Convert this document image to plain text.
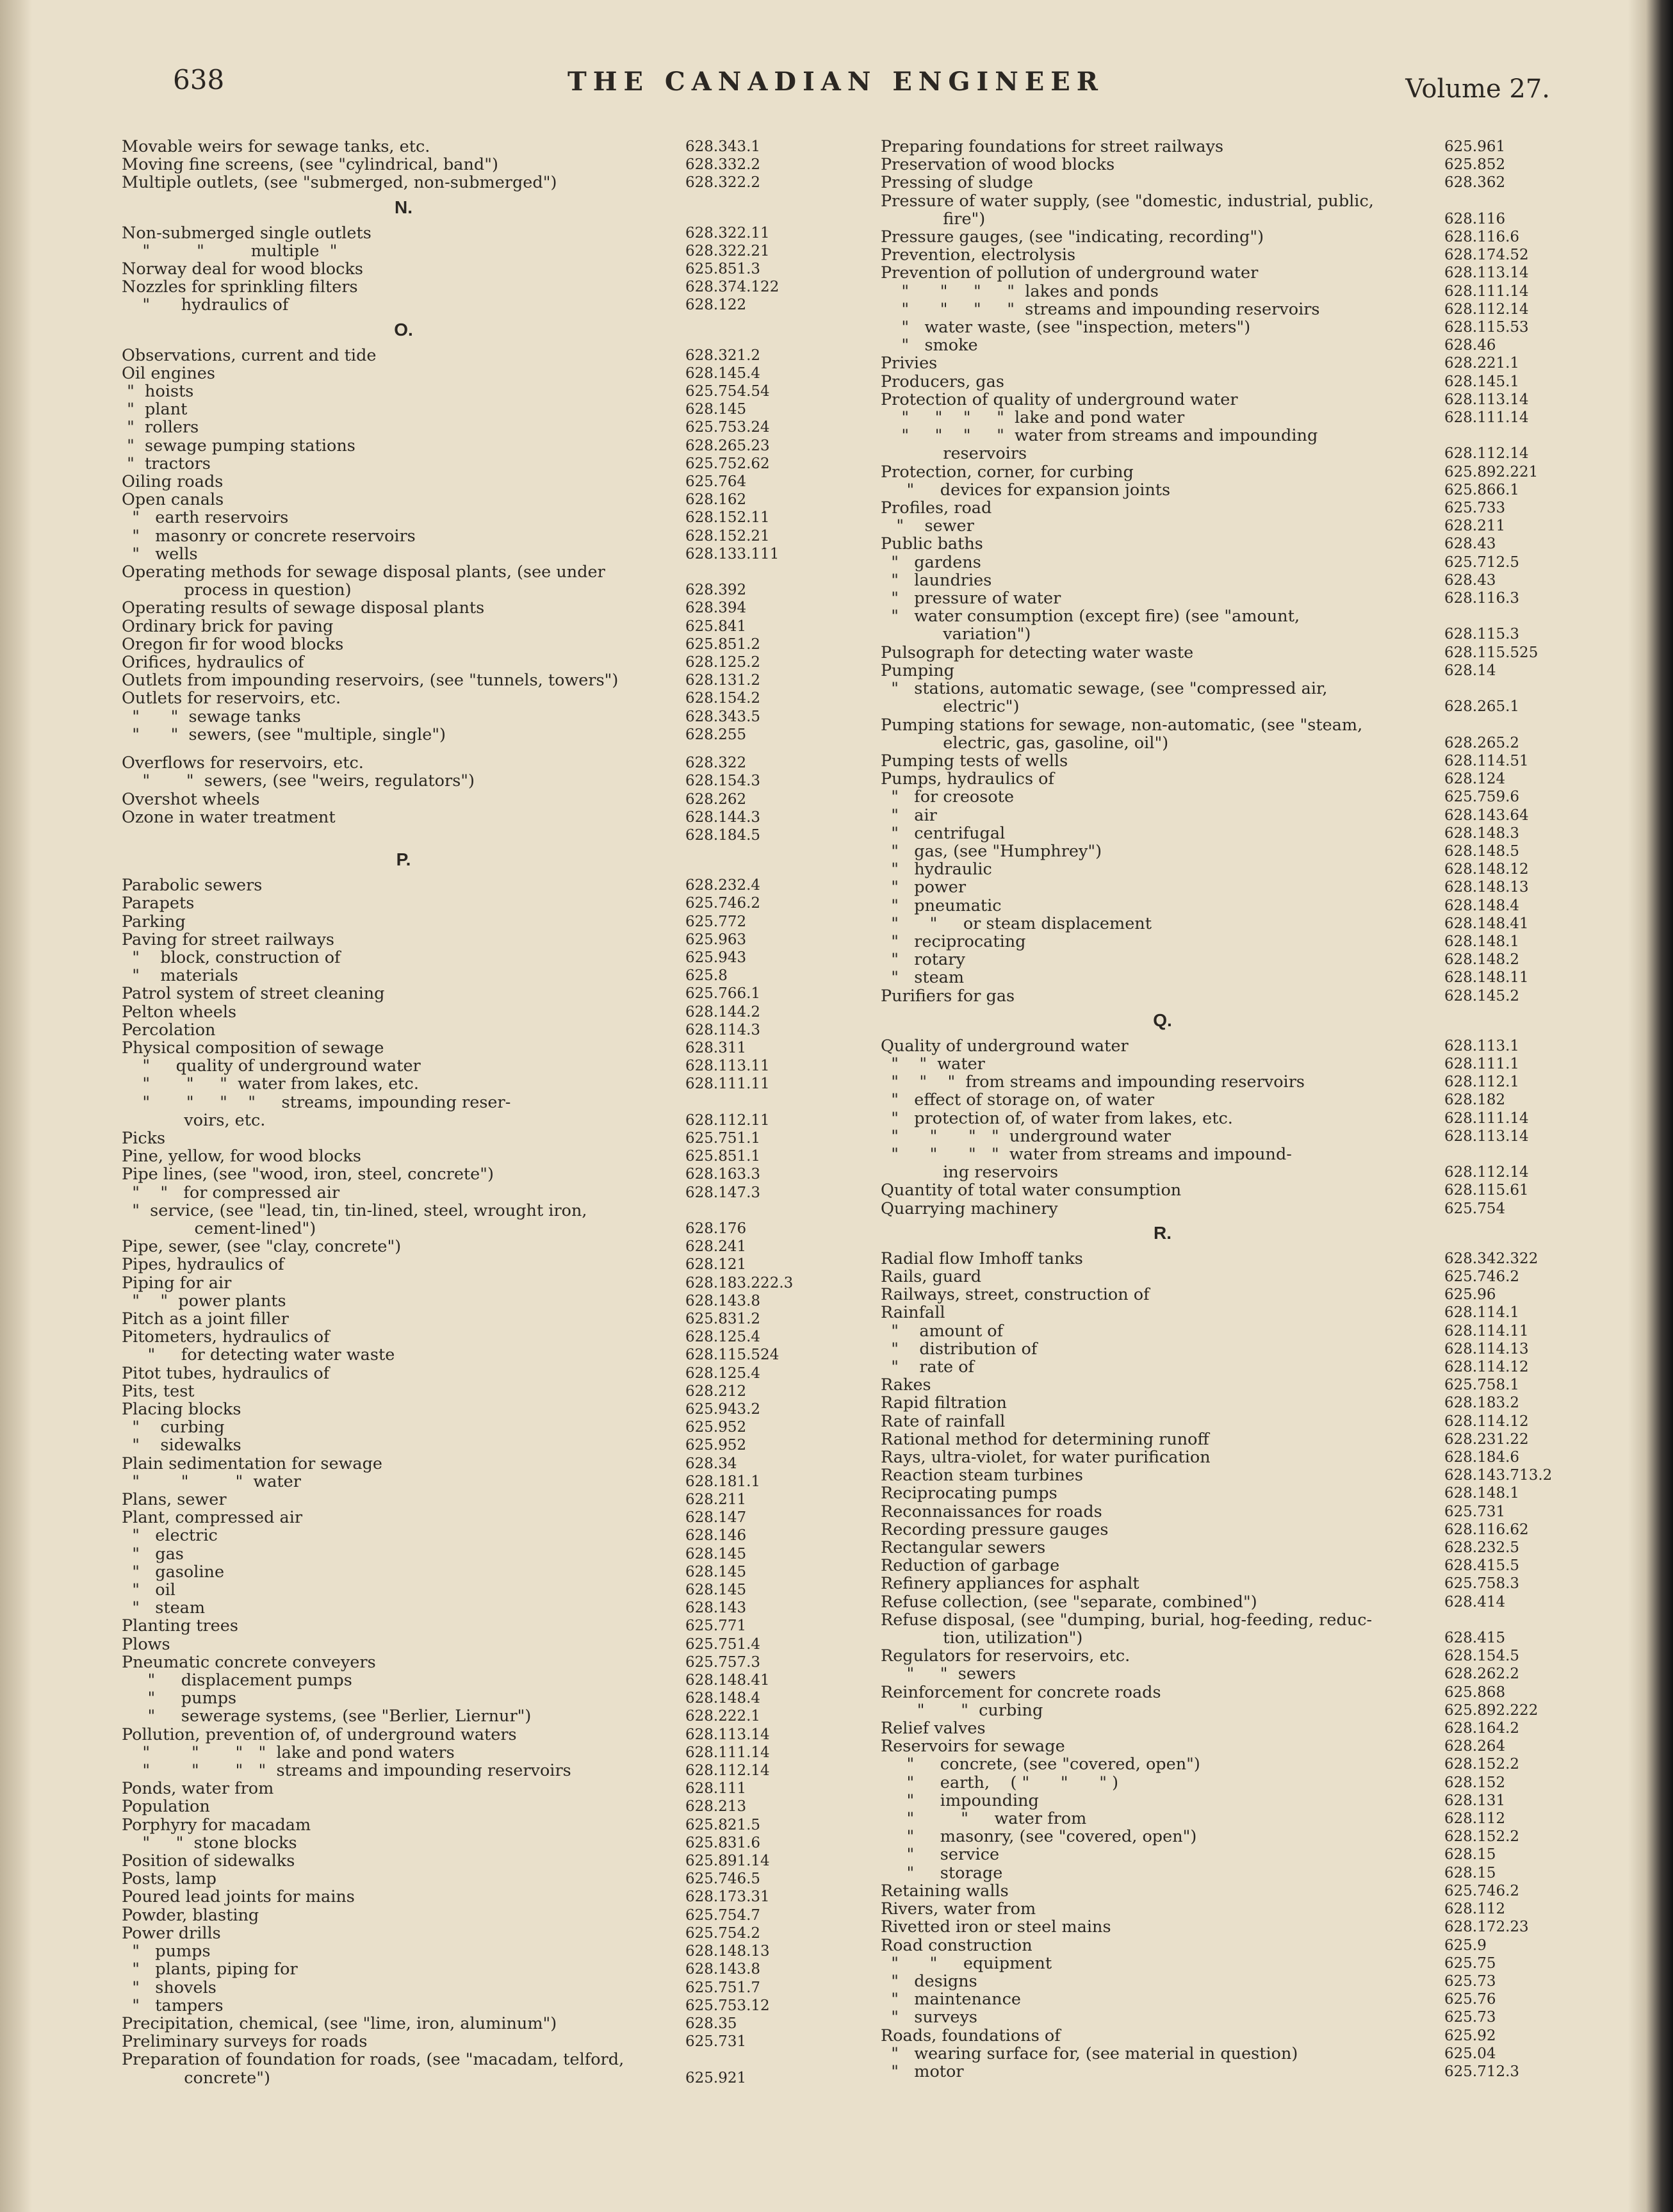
638	THE CANADIAN ENGINEER	Volume 27.
Movable weirs for sewage tanks, etc.	628.343.1
Moving fine screens, (see "cylindrical, band")	628.332.2
Multiple outlets, (see "submerged, non-submerged")	628.322.2
N.
Non-submerged single outlets	628.322.11
"         "         multiple  "	628.322.21
Norway deal for wood blocks	625.851.3
Nozzles for sprinkling filters	628.374.122
"      hydraulics of	628.122
O.
Observations, current and tide	628.321.2
Oil engines	628.145.4
"  hoists	625.754.54
"  plant	628.145
"  rollers	625.753.24
"  sewage pumping stations	628.265.23
"  tractors	625.752.62
Oiling roads	625.764
Open canals	628.162
"   earth reservoirs	628.152.11
"   masonry or concrete reservoirs	628.152.21
"   wells	628.133.111
Operating methods for sewage disposal plants, (see under
process in question)	628.392
Operating results of sewage disposal plants	628.394
Ordinary brick for paving	625.841
Oregon fir for wood blocks	625.851.2
Orifices, hydraulics of	628.125.2
Outlets from impounding reservoirs, (see "tunnels, towers")	628.131.2
Outlets for reservoirs, etc.	628.154.2
"      "  sewage tanks	628.343.5
"      "  sewers, (see "multiple, single")	628.255
Overflows for reservoirs, etc.	628.322
"       "  sewers, (see "weirs, regulators")	628.154.3
Overshot wheels	628.262
Ozone in water treatment	628.144.3
628.184.5
P.
Parabolic sewers	628.232.4
Parapets	625.746.2
Parking	625.772
Paving for street railways	625.963
"    block, construction of	625.943
"    materials	625.8
Patrol system of street cleaning	625.766.1
Pelton wheels	628.144.2
Percolation	628.114.3
Physical composition of sewage	628.311
"     quality of underground water	628.113.11
"       "     "  water from lakes, etc.	628.111.11
"       "     "    "     streams, impounding reser-
voirs, etc.	628.112.11
Picks	625.751.1
Pine, yellow, for wood blocks	625.851.1
Pipe lines, (see "wood, iron, steel, concrete")	628.163.3
"    "   for compressed air	628.147.3
"  service, (see "lead, tin, tin-lined, steel, wrought iron,
cement-lined")	628.176
Pipe, sewer, (see "clay, concrete")	628.241
Pipes, hydraulics of	628.121
Piping for air	628.183.222.3
"    "  power plants	628.143.8
Pitch as a joint filler	625.831.2
Pitometers, hydraulics of	628.125.4
"     for detecting water waste	628.115.524
Pitot tubes, hydraulics of	628.125.4
Pits, test	628.212
Placing blocks	625.943.2
"    curbing	625.952
"    sidewalks	625.952
Plain sedimentation for sewage	628.34
"        "         "  water	628.181.1
Plans, sewer	628.211
Plant, compressed air	628.147
"   electric	628.146
"   gas	628.145
"   gasoline	628.145
"   oil	628.145
"   steam	628.143
Planting trees	625.771
Plows	625.751.4
Pneumatic concrete conveyers	625.757.3
"     displacement pumps	628.148.41
"     pumps	628.148.4
"     sewerage systems, (see "Berlier, Liernur")	628.222.1
Pollution, prevention of, of underground waters	628.113.14
"        "       "   "  lake and pond waters	628.111.14
"        "       "   "  streams and impounding reservoirs	628.112.14
Ponds, water from	628.111
Population	628.213
Porphyry for macadam	625.821.5
"     "  stone blocks	625.831.6
Position of sidewalks	625.891.14
Posts, lamp	625.746.5
Poured lead joints for mains	628.173.31
Powder, blasting	625.754.7
Power drills	625.754.2
"   pumps	628.148.13
"   plants, piping for	628.143.8
"   shovels	625.751.7
"   tampers	625.753.12
Precipitation, chemical, (see "lime, iron, aluminum")	628.35
Preliminary surveys for roads	625.731
Preparation of foundation for roads, (see "macadam, telford,
concrete")	625.921
Preparing foundations for street railways	625.961
Preservation of wood blocks	625.852
Pressing of sludge	628.362
Pressure of water supply, (see "domestic, industrial, public,
fire")	628.116
Pressure gauges, (see "indicating, recording")	628.116.6
Prevention, electrolysis	628.174.52
Prevention of pollution of underground water	628.113.14
"      "     "     "  lakes and ponds	628.111.14
"      "     "     "  streams and impounding reservoirs	628.112.14
"   water waste, (see "inspection, meters")	628.115.53
"   smoke	628.46
Privies	628.221.1
Producers, gas	628.145.1
Protection of quality of underground water	628.113.14
"     "    "     "  lake and pond water	628.111.14
"     "    "     "  water from streams and impounding
reservoirs	628.112.14
Protection, corner, for curbing	625.892.221
"     devices for expansion joints	625.866.1
Profiles, road	625.733
"    sewer	628.211
Public baths	628.43
"   gardens	625.712.5
"   laundries	628.43
"   pressure of water	628.116.3
"   water consumption (except fire) (see "amount,
variation")	628.115.3
Pulsograph for detecting water waste	628.115.525
Pumping	628.14
"   stations, automatic sewage, (see "compressed air,
electric")	628.265.1
Pumping stations for sewage, non-automatic, (see "steam,
electric, gas, gasoline, oil")	628.265.2
Pumping tests of wells	628.114.51
Pumps, hydraulics of	628.124
"   for creosote	625.759.6
"   air	628.143.64
"   centrifugal	628.148.3
"   gas, (see "Humphrey")	628.148.5
"   hydraulic	628.148.12
"   power	628.148.13
"   pneumatic	628.148.4
"      "     or steam displacement	628.148.41
"   reciprocating	628.148.1
"   rotary	628.148.2
"   steam	628.148.11
Purifiers for gas	628.145.2
Q.
Quality of underground water	628.113.1
"    "  water	628.111.1
"    "    "  from streams and impounding reservoirs	628.112.1
"   effect of storage on, of water	628.182
"   protection of, of water from lakes, etc.	628.111.14
"      "      "   "  underground water	628.113.14
"      "      "   "  water from streams and impound-
ing reservoirs	628.112.14
Quantity of total water consumption	628.115.61
Quarrying machinery	625.754
R.
Radial flow Imhoff tanks	628.342.322
Rails, guard	625.746.2
Railways, street, construction of	625.96
Rainfall	628.114.1
"    amount of	628.114.11
"    distribution of	628.114.13
"    rate of	628.114.12
Rakes	625.758.1
Rapid filtration	628.183.2
Rate of rainfall	628.114.12
Rational method for determining runoff	628.231.22
Rays, ultra-violet, for water purification	628.184.6
Reaction steam turbines	628.143.713.2
Reciprocating pumps	628.148.1
Reconnaissances for roads	625.731
Recording pressure gauges	628.116.62
Rectangular sewers	628.232.5
Reduction of garbage	628.415.5
Refinery appliances for asphalt	625.758.3
Refuse collection, (see "separate, combined")	628.414
Refuse disposal, (see "dumping, burial, hog-feeding, reduc-
tion, utilization")	628.415
Regulators for reservoirs, etc.	628.154.5
"     "  sewers	628.262.2
Reinforcement for concrete roads	625.868
"       "  curbing	625.892.222
Relief valves	628.164.2
Reservoirs for sewage	628.264
"     concrete, (see "covered, open")	628.152.2
"     earth,    ( "      "      " )	628.152
"     impounding	628.131
"         "     water from	628.112
"     masonry, (see "covered, open")	628.152.2
"     service	628.15
"     storage	628.15
Retaining walls	625.746.2
Rivers, water from	628.112
Rivetted iron or steel mains	628.172.23
Road construction	625.9
"      "     equipment	625.75
"   designs	625.73
"   maintenance	625.76
"   surveys	625.73
Roads, foundations of	625.92
"   wearing surface for, (see material in question)	625.04
"   motor	625.712.3
